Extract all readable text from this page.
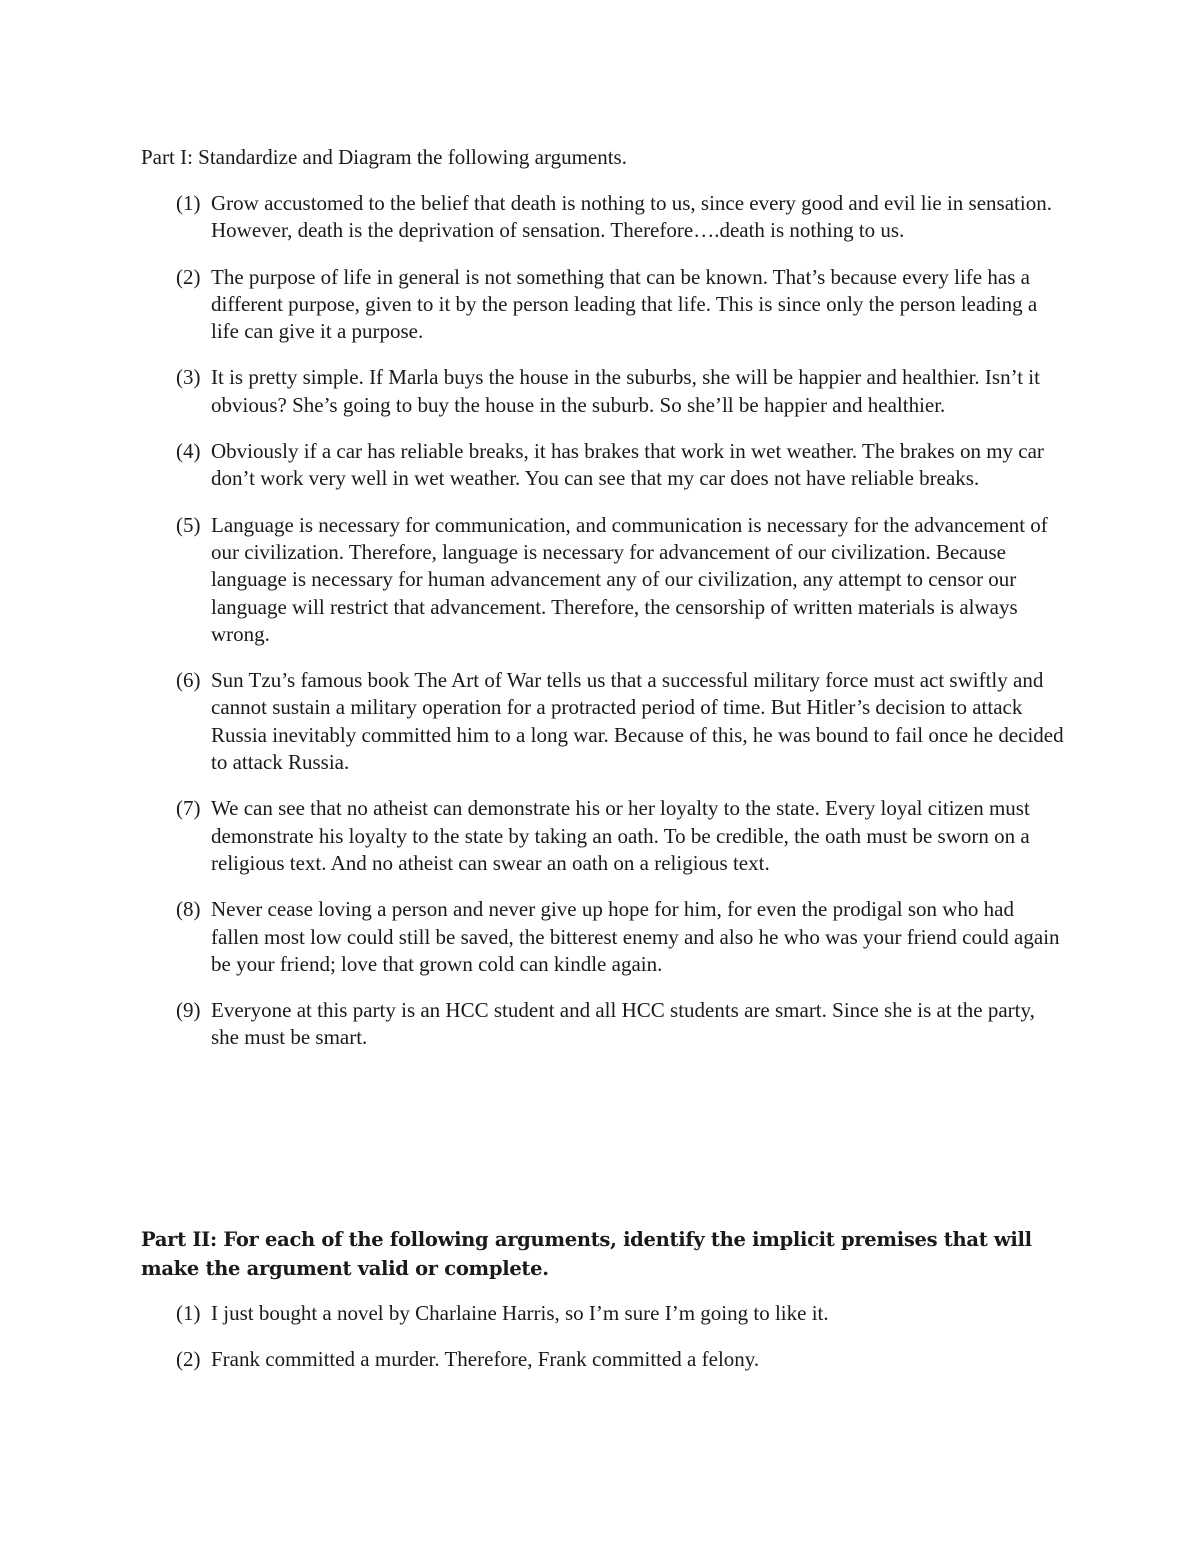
Part I: Standardize and Diagram the following arguments.
(1) Grow accustomed to the belief that death is nothing to us, since every good and evil lie in sensation. However, death is the deprivation of sensation. Therefore….death is nothing to us.
(2) The purpose of life in general is not something that can be known. That’s because every life has a different purpose, given to it by the person leading that life. This is since only the person leading a life can give it a purpose.
(3) It is pretty simple. If Marla buys the house in the suburbs, she will be happier and healthier. Isn’t it obvious? She’s going to buy the house in the suburb. So she’ll be happier and healthier.
(4) Obviously if a car has reliable breaks, it has brakes that work in wet weather. The brakes on my car don’t work very well in wet weather. You can see that my car does not have reliable breaks.
(5) Language is necessary for communication, and communication is necessary for the advancement of our civilization. Therefore, language is necessary for advancement of our civilization. Because language is necessary for human advancement any of our civilization, any attempt to censor our language will restrict that advancement. Therefore, the censorship of written materials is always wrong.
(6) Sun Tzu’s famous book The Art of War tells us that a successful military force must act swiftly and cannot sustain a military operation for a protracted period of time. But Hitler’s decision to attack Russia inevitably committed him to a long war. Because of this, he was bound to fail once he decided to attack Russia.
(7) We can see that no atheist can demonstrate his or her loyalty to the state. Every loyal citizen must demonstrate his loyalty to the state by taking an oath. To be credible, the oath must be sworn on a religious text. And no atheist can swear an oath on a religious text.
(8) Never cease loving a person and never give up hope for him, for even the prodigal son who had fallen most low could still be saved, the bitterest enemy and also he who was your friend could again be your friend; love that grown cold can kindle again.
(9) Everyone at this party is an HCC student and all HCC students are smart. Since she is at the party, she must be smart.
Part II: For each of the following arguments, identify the implicit premises that will make the argument valid or complete.
(1) I just bought a novel by Charlaine Harris, so I’m sure I’m going to like it.
(2) Frank committed a murder. Therefore, Frank committed a felony.
